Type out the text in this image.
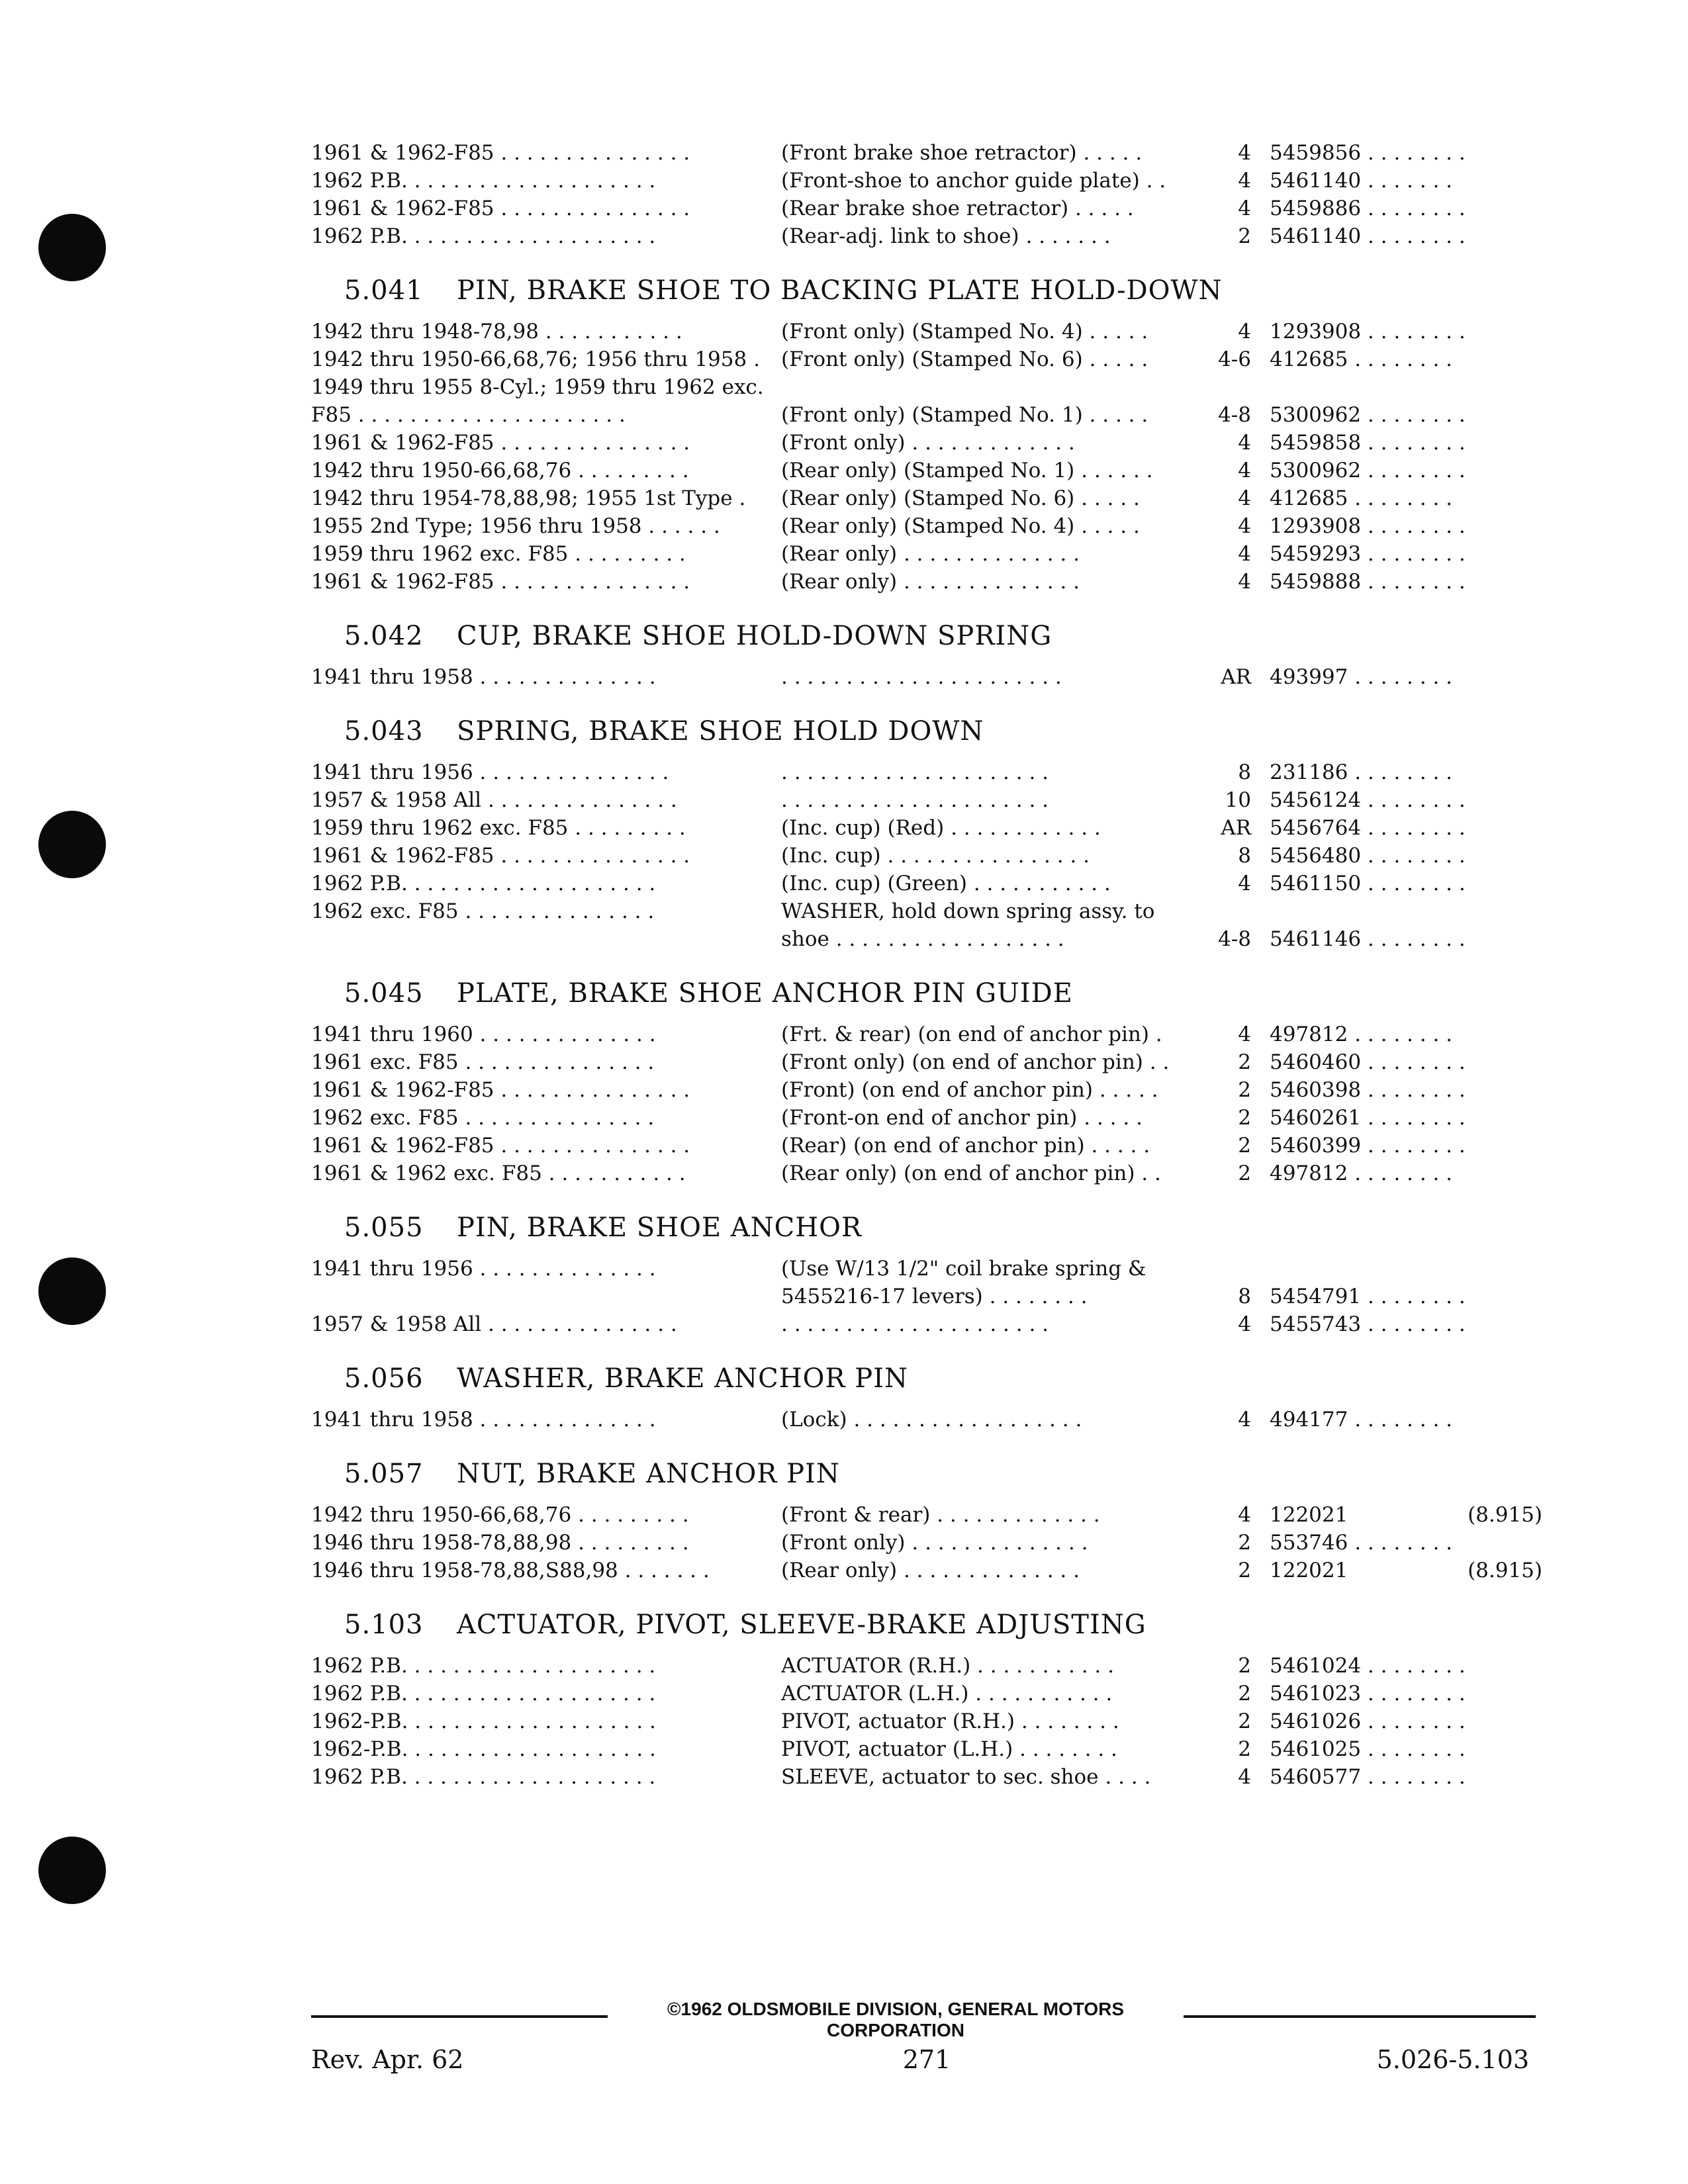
1961 & 1962-F85 . . . . . . . . . . . . . . .	(Front brake shoe retractor) . . . . .	4 5459856 . . . . . . . .
1962 P.B. . . . . . . . . . . . . . . . . . . .	(Front-shoe to anchor guide plate) . .	4 5461140 . . . . . . .
1961 & 1962-F85 . . . . . . . . . . . . . . .	(Rear brake shoe retractor) . . . . .	4 5459886 . . . . . . . .
1962 P.B. . . . . . . . . . . . . . . . . . . .	(Rear-adj. link to shoe) . . . . . . .	2 5461140 . . . . . . . .
5.041	PIN, BRAKE SHOE TO BACKING PLATE HOLD-DOWN
1942 thru 1948-78,98 . . . . . . . . . . .	(Front only) (Stamped No. 4) . . . . .	4 1293908 . . . . . . . .
1942 thru 1950-66,68,76; 1956 thru 1958 .	(Front only) (Stamped No. 6) . . . . .	4-6 412685 . . . . . . . .
1949 thru 1955 8-Cyl.; 1959 thru 1962 exc.
F85 . . . . . . . . . . . . . . . . . . . . .	(Front only) (Stamped No. 1) . . . . .	4-8 5300962 . . . . . . . .
1961 & 1962-F85 . . . . . . . . . . . . . . .	(Front only) . . . . . . . . . . . . .	4 5459858 . . . . . . . .
1942 thru 1950-66,68,76 . . . . . . . . .	(Rear only) (Stamped No. 1) . . . . . .	4 5300962 . . . . . . . .
1942 thru 1954-78,88,98; 1955 1st Type .	(Rear only) (Stamped No. 6) . . . . .	4 412685 . . . . . . . .
1955 2nd Type; 1956 thru 1958 . . . . . .	(Rear only) (Stamped No. 4) . . . . .	4 1293908 . . . . . . . .
1959 thru 1962 exc. F85 . . . . . . . . .	(Rear only) . . . . . . . . . . . . . .	4 5459293 . . . . . . . .
1961 & 1962-F85 . . . . . . . . . . . . . . .	(Rear only) . . . . . . . . . . . . . .	4 5459888 . . . . . . . .
5.042	CUP, BRAKE SHOE HOLD-DOWN SPRING
1941 thru 1958 . . . . . . . . . . . . . .	. . . . . . . . . . . . . . . . . . . . . .	AR 493997 . . . . . . . .
5.043	SPRING, BRAKE SHOE HOLD DOWN
1941 thru 1956 . . . . . . . . . . . . . . .	. . . . . . . . . . . . . . . . . . . . .	8 231186 . . . . . . . .
1957 & 1958 All . . . . . . . . . . . . . . .	. . . . . . . . . . . . . . . . . . . . .	10 5456124 . . . . . . . .
1959 thru 1962 exc. F85 . . . . . . . . .	(Inc. cup) (Red) . . . . . . . . . . . .	AR 5456764 . . . . . . . .
1961 & 1962-F85 . . . . . . . . . . . . . . .	(Inc. cup) . . . . . . . . . . . . . . . .	8 5456480 . . . . . . . .
1962 P.B. . . . . . . . . . . . . . . . . . . .	(Inc. cup) (Green) . . . . . . . . . . .	4 5461150 . . . . . . . .
1962 exc. F85 . . . . . . . . . . . . . . .	WASHER, hold down spring assy. to
shoe . . . . . . . . . . . . . . . . . .	4-8 5461146 . . . . . . . .
5.045	PLATE, BRAKE SHOE ANCHOR PIN GUIDE
1941 thru 1960 . . . . . . . . . . . . . .	(Frt. & rear) (on end of anchor pin) .	4 497812 . . . . . . . .
1961 exc. F85 . . . . . . . . . . . . . . .	(Front only) (on end of anchor pin) . .	2 5460460 . . . . . . . .
1961 & 1962-F85 . . . . . . . . . . . . . . .	(Front) (on end of anchor pin) . . . . .	2 5460398 . . . . . . . .
1962 exc. F85 . . . . . . . . . . . . . . .	(Front-on end of anchor pin) . . . . .	2 5460261 . . . . . . . .
1961 & 1962-F85 . . . . . . . . . . . . . . .	(Rear) (on end of anchor pin) . . . . .	2 5460399 . . . . . . . .
1961 & 1962 exc. F85 . . . . . . . . . . .	(Rear only) (on end of anchor pin) . .	2 497812 . . . . . . . .
5.055	PIN, BRAKE SHOE ANCHOR
1941 thru 1956 . . . . . . . . . . . . . .	(Use W/13 1/2" coil brake spring &
5455216-17 levers) . . . . . . . .	8 5454791 . . . . . . . .
1957 & 1958 All . . . . . . . . . . . . . . .	. . . . . . . . . . . . . . . . . . . . .	4 5455743 . . . . . . . .
5.056	WASHER, BRAKE ANCHOR PIN
1941 thru 1958 . . . . . . . . . . . . . .	(Lock) . . . . . . . . . . . . . . . . . .	4 494177 . . . . . . . .
5.057	NUT, BRAKE ANCHOR PIN
1942 thru 1950-66,68,76 . . . . . . . . .	(Front & rear) . . . . . . . . . . . . .	4 122021	(8.915)
1946 thru 1958-78,88,98 . . . . . . . . .	(Front only) . . . . . . . . . . . . . .	2 553746 . . . . . . . .
1946 thru 1958-78,88,S88,98 . . . . . . .	(Rear only) . . . . . . . . . . . . . .	2 122021	(8.915)
5.103	ACTUATOR, PIVOT, SLEEVE-BRAKE ADJUSTING
1962 P.B. . . . . . . . . . . . . . . . . . . .	ACTUATOR (R.H.) . . . . . . . . . . .	2 5461024 . . . . . . . .
1962 P.B. . . . . . . . . . . . . . . . . . . .	ACTUATOR (L.H.) . . . . . . . . . . .	2 5461023 . . . . . . . .
1962-P.B. . . . . . . . . . . . . . . . . . . .	PIVOT, actuator (R.H.) . . . . . . . .	2 5461026 . . . . . . . .
1962-P.B. . . . . . . . . . . . . . . . . . . .	PIVOT, actuator (L.H.) . . . . . . . .	2 5461025 . . . . . . . .
1962 P.B. . . . . . . . . . . . . . . . . . . .	SLEEVE, actuator to sec. shoe . . . .	4 5460577 . . . . . . . .
©1962 OLDSMOBILE DIVISION, GENERAL MOTORS CORPORATION
Rev. Apr. 62	271	5.026-5.103
